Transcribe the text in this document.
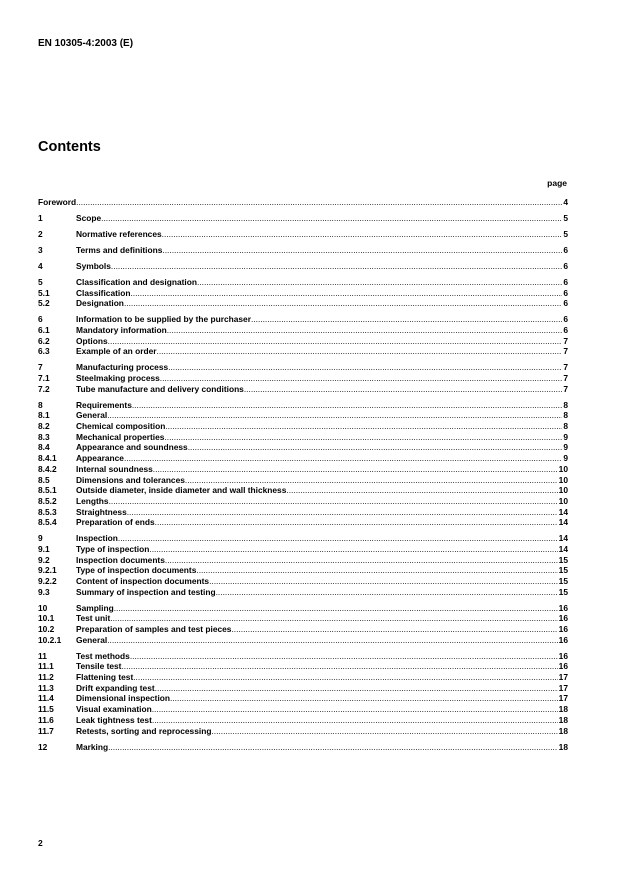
EN 10305-4:2003 (E)
Contents
page
Foreword .....	4
1	Scope .....	5
2	Normative references .....	5
3	Terms and definitions .....	6
4	Symbols .....	6
5	Classification and designation .....	6
5.1	Classification .....	6
5.2	Designation .....	6
6	Information to be supplied by the purchaser .....	6
6.1	Mandatory information .....	6
6.2	Options .....	7
6.3	Example of an order .....	7
7	Manufacturing process .....	7
7.1	Steelmaking process .....	7
7.2	Tube manufacture and delivery conditions .....	7
8	Requirements .....	8
8.1	General .....	8
8.2	Chemical composition .....	8
8.3	Mechanical properties .....	9
8.4	Appearance and soundness .....	9
8.4.1	Appearance .....	9
8.4.2	Internal soundness .....	10
8.5	Dimensions and tolerances .....	10
8.5.1	Outside diameter, inside diameter and wall thickness .....	10
8.5.2	Lengths .....	10
8.5.3	Straightness .....	14
8.5.4	Preparation of ends .....	14
9	Inspection .....	14
9.1	Type of inspection .....	14
9.2	Inspection documents .....	15
9.2.1	Type of inspection documents .....	15
9.2.2	Content of inspection documents .....	15
9.3	Summary of inspection and testing .....	15
10	Sampling .....	16
10.1	Test unit .....	16
10.2	Preparation of samples and test pieces .....	16
10.2.1	General .....	16
11	Test methods .....	16
11.1	Tensile test .....	16
11.2	Flattening test .....	17
11.3	Drift expanding test .....	17
11.4	Dimensional inspection .....	17
11.5	Visual examination .....	18
11.6	Leak tightness test .....	18
11.7	Retests, sorting and reprocessing .....	18
12	Marking .....	18
2
